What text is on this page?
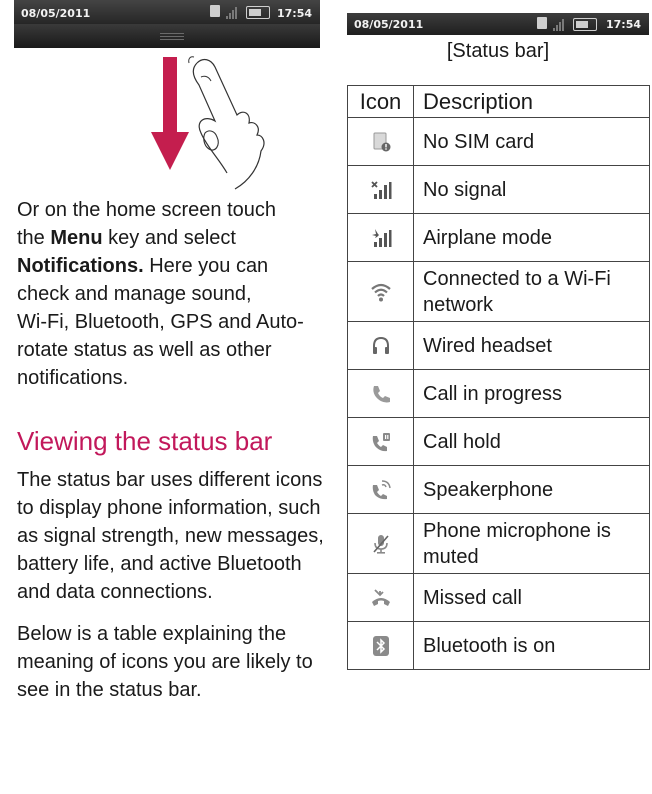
08/05/2011	17:54
Or on the home screen touch
the Menu key and select
Notifications. Here you can
check and manage sound,
Wi-Fi, Bluetooth, GPS and Auto-
rotate status as well as other
notifications.
Viewing the status bar
The status bar uses different icons
to display phone information, such
as signal strength, new messages,
battery life, and active Bluetooth
and data connections.
Below is a table explaining the
meaning of icons you are likely to
see in the status bar.
08/05/2011	17:54
[Status bar]
Icon	Description

No SIM card

No signal

Airplane mode

Connected to a Wi-Fi
network

Wired headset

Call in progress

Call hold

Speakerphone

Phone microphone is
muted

Missed call

Bluetooth is on
